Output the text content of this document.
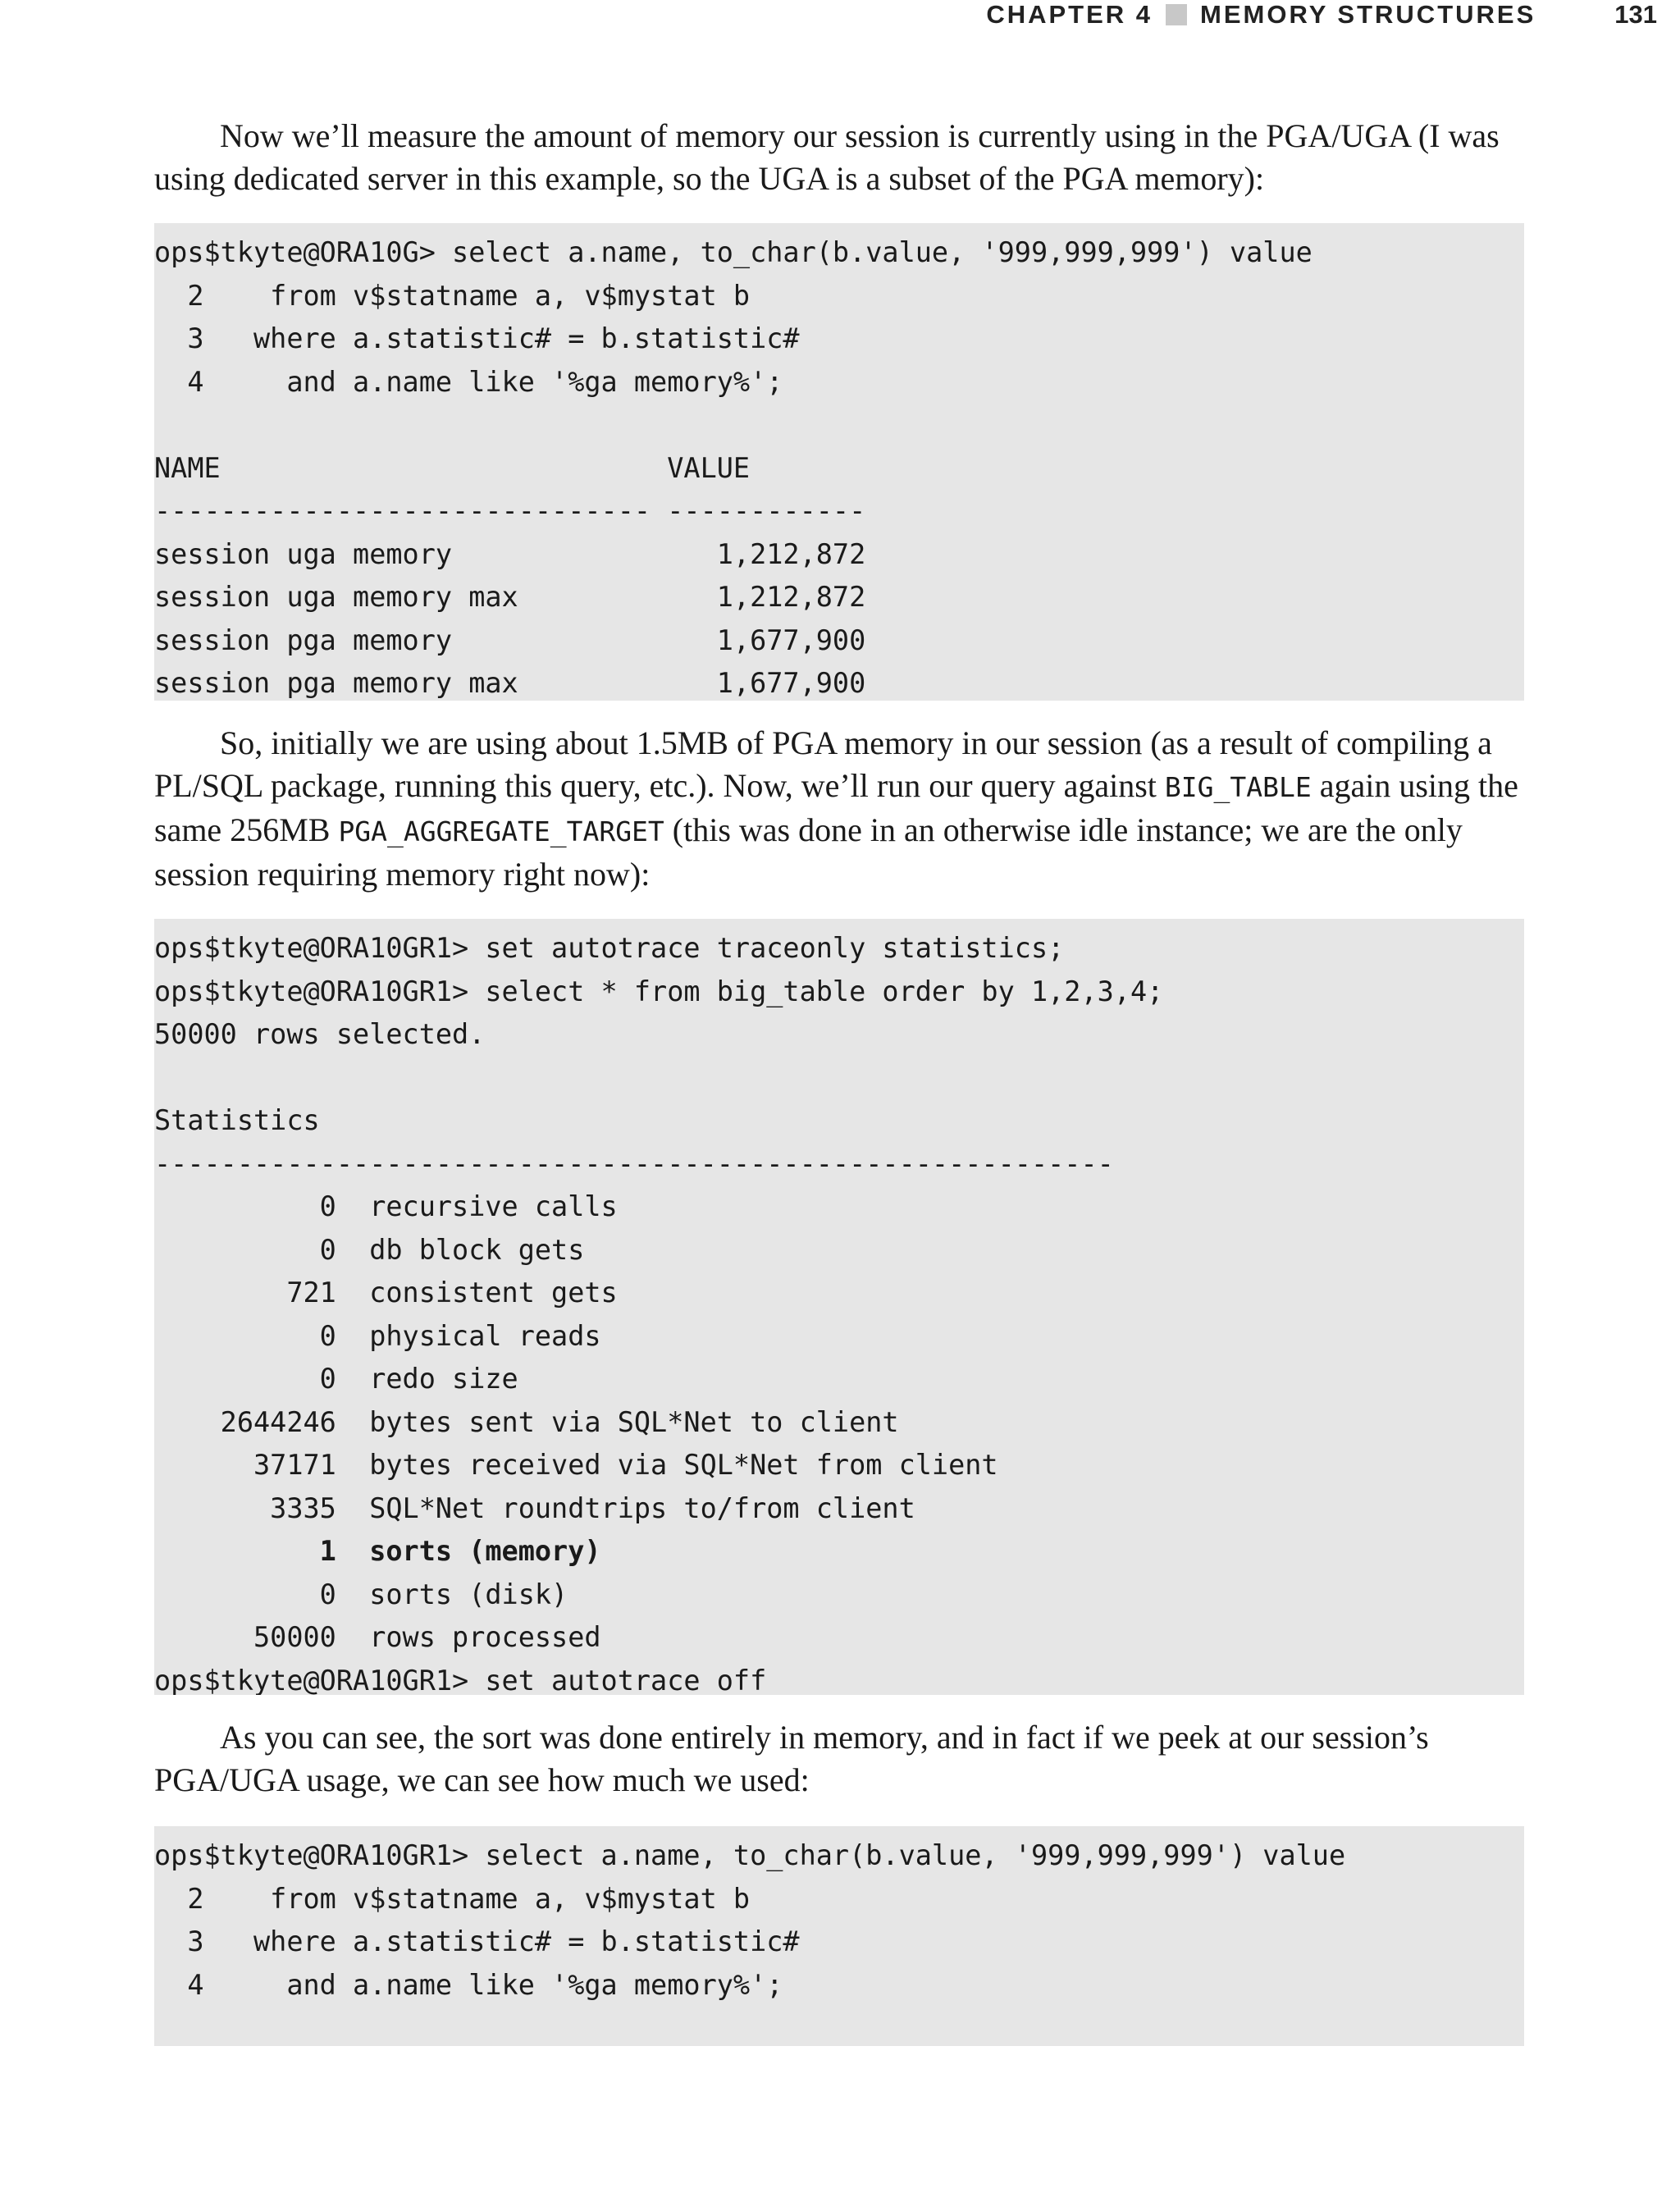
CHAPTER 4 MEMORY STRUCTURES	131

Now we’ll measure the amount of memory our session is currently using in the PGA/UGA (I was using dedicated server in this example, so the UGA is a subset of the PGA memory):

ops$tkyte@ORA10G> select a.name, to_char(b.value, '999,999,999') value
2    from v$statname a, v$mystat b
3   where a.statistic# = b.statistic#
4     and a.name like '%ga memory%';

NAME                           VALUE
------------------------------ ------------
session uga memory                1,212,872
session uga memory max            1,212,872
session pga memory                1,677,900
session pga memory max            1,677,900

So, initially we are using about 1.5MB of PGA memory in our session (as a result of compiling a PL/SQL package, running this query, etc.). Now, we’ll run our query against BIG_TABLE again using the same 256MB PGA_AGGREGATE_TARGET (this was done in an otherwise idle instance; we are the only session requiring memory right now):

ops$tkyte@ORA10GR1> set autotrace traceonly statistics;
ops$tkyte@ORA10GR1> select * from big_table order by 1,2,3,4;
50000 rows selected.

Statistics
----------------------------------------------------------
0  recursive calls
0  db block gets
721  consistent gets
0  physical reads
0  redo size
2644246  bytes sent via SQL*Net to client
37171  bytes received via SQL*Net from client
3335  SQL*Net roundtrips to/from client
1  sorts (memory)
0  sorts (disk)
50000  rows processed
ops$tkyte@ORA10GR1> set autotrace off

As you can see, the sort was done entirely in memory, and in fact if we peek at our session’s PGA/UGA usage, we can see how much we used:

ops$tkyte@ORA10GR1> select a.name, to_char(b.value, '999,999,999') value
2    from v$statname a, v$mystat b
3   where a.statistic# = b.statistic#
4     and a.name like '%ga memory%';
